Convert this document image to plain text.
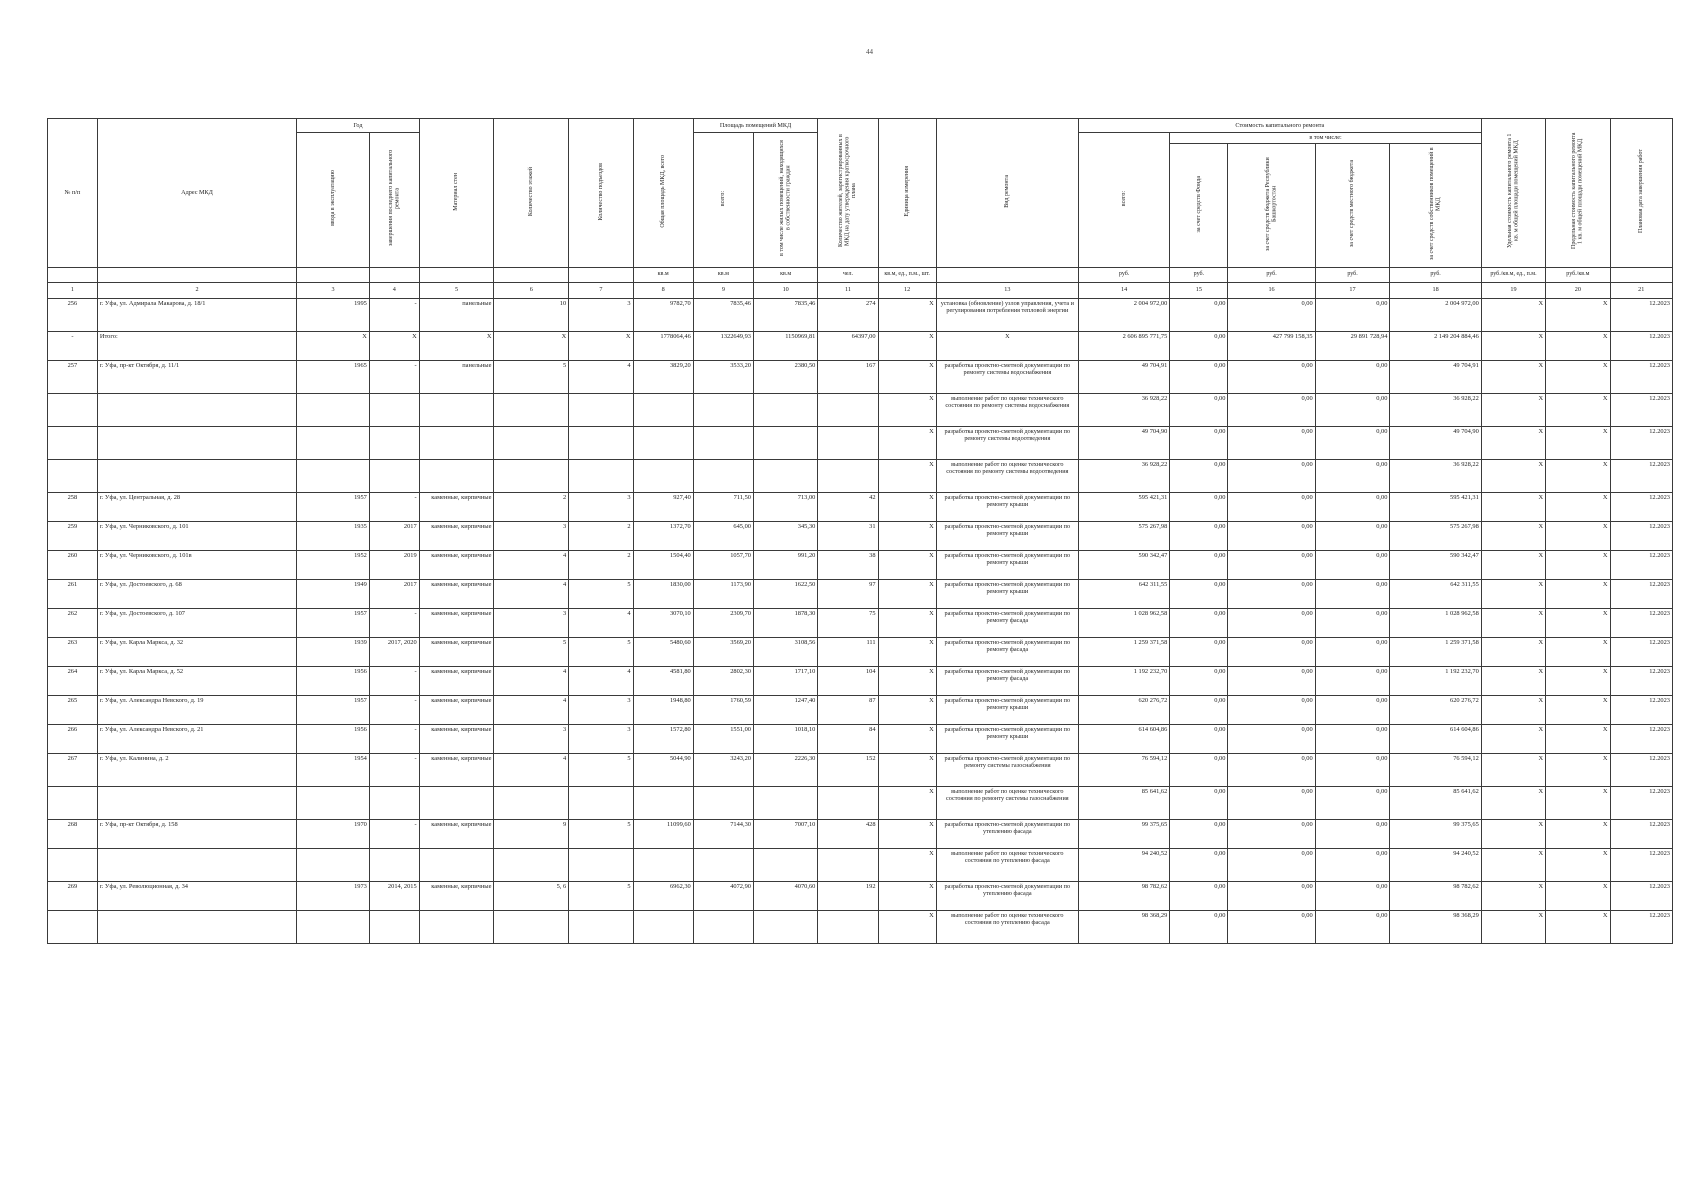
44
№ п/п	Адрес МКД	Год		Материал стен	Количество этажей	Количество подъездов	Общая площадь МКД, всего	Площадь помещений МКД		Количество жителей, зарегистрированных в МКД на дату утверждения краткосрочного плана	Единица измерения	Вид ремонта	Стоимость капитального ремонта					Удельная стоимость капитального ремонта 1 кв. м общей площади помещений МКД	Предельная стоимость капитального ремонта 1 кв. м общей площади помещений МКД	Плановая дата завершения работ
		ввода в эксплуатацию	завершения последнего капитального ремонта					всего:	в том числе жилых помещений, находящихся в собственности граждан				всего:	в том числе:						
														за счет средств Фонда	за счет средств бюджета Республики Башкортостан	за счет средств местного бюджета	за счет средств собственников помещений в МКД			
							кв.м	кв.м	кв.м	чел.	кв.м, ед., п.м., шт.		руб.	руб.	руб.	руб.	руб.	руб./кв.м, ед., п.м.	руб./кв.м	
1	2	3	4	5	6	7	8	9	10	11	12	13	14	15	16	17	18	19	20	21
256	г. Уфа, ул. Адмирала Макарова, д. 18/1	1995	-	панельные	10	3	9782,70	7835,46	7835,46	274	X	установка (обновление) узлов управления, учета и регулирования потребления тепловой энергии	2 004 972,00	0,00	0,00	0,00	2 004 972,00	X	X	12.2023
-	Итого:	X	X	X	X	X	1778064,46	1322649,93	1150969,81	64397,00	X	X	2 606 895 771,75	0,00	427 799 158,35	29 891 728,94	2 149 204 884,46	X	X	12.2023
257	г. Уфа, пр-кт Октября, д. 11/1	1965	-	панельные	5	4	3829,20	3533,20	2380,50	167	X	разработка проектно-сметной документации по ремонту системы водоснабжения	49 704,91	0,00	0,00	0,00	49 704,91	X	X	12.2023
											X	выполнение работ по оценке технического состояния по ремонту системы водоснабжения	36 928,22	0,00	0,00	0,00	36 928,22	X	X	12.2023
											X	разработка проектно-сметной документации по ремонту системы водоотведения	49 704,90	0,00	0,00	0,00	49 704,90	X	X	12.2023
											X	выполнение работ по оценке технического состояния по ремонту системы водоотведения	36 928,22	0,00	0,00	0,00	36 928,22	X	X	12.2023
258	г. Уфа, ул. Центральная, д. 28	1957	-	каменные, кирпичные	2	3	927,40	711,50	713,00	42	X	разработка проектно-сметной документации по ремонту крыши	595 421,31	0,00	0,00	0,00	595 421,31	X	X	12.2023
259	г. Уфа, ул. Черниковского, д. 101	1935	2017	каменные, кирпичные	3	2	1372,70	645,00	345,30	31	X	разработка проектно-сметной документации по ремонту крыши	575 267,98	0,00	0,00	0,00	575 267,98	X	X	12.2023
260	г. Уфа, ул. Черниковского, д. 101в	1952	2019	каменные, кирпичные	4	2	1504,40	1057,70	991,20	38	X	разработка проектно-сметной документации по ремонту крыши	590 342,47	0,00	0,00	0,00	590 342,47	X	X	12.2023
261	г. Уфа, ул. Достоевского, д. 68	1949	2017	каменные, кирпичные	4	5	1830,00	1173,90	1622,50	97	X	разработка проектно-сметной документации по ремонту крыши	642 311,55	0,00	0,00	0,00	642 311,55	X	X	12.2023
262	г. Уфа, ул. Достоевского, д. 107	1957	-	каменные, кирпичные	3	4	3070,10	2309,70	1878,30	75	X	разработка проектно-сметной документации по ремонту фасада	1 028 962,58	0,00	0,00	0,00	1 028 962,58	X	X	12.2023
263	г. Уфа, ул. Карла Маркса, д. 32	1939	2017, 2020	каменные, кирпичные	5	5	5480,60	3569,20	3108,56	111	X	разработка проектно-сметной документации по ремонту фасада	1 259 371,58	0,00	0,00	0,00	1 259 371,58	X	X	12.2023
264	г. Уфа, ул. Карла Маркса, д. 52	1956	-	каменные, кирпичные	4	4	4581,80	2802,30	1717,10	104	X	разработка проектно-сметной документации по ремонту фасада	1 192 232,70	0,00	0,00	0,00	1 192 232,70	X	X	12.2023
265	г. Уфа, ул. Александра Невского, д. 19	1957	-	каменные, кирпичные	4	3	1948,80	1760,59	1247,40	87	X	разработка проектно-сметной документации по ремонту крыши	620 276,72	0,00	0,00	0,00	620 276,72	X	X	12.2023
266	г. Уфа, ул. Александра Невского, д. 21	1956	-	каменные, кирпичные	3	3	1572,80	1551,00	1018,10	84	X	разработка проектно-сметной документации по ремонту крыши	614 604,86	0,00	0,00	0,00	614 604,86	X	X	12.2023
267	г. Уфа, ул. Калинина, д. 2	1954	-	каменные, кирпичные	4	5	5044,90	3243,20	2226,30	152	X	разработка проектно-сметной документации по ремонту системы газоснабжения	76 594,12	0,00	0,00	0,00	76 594,12	X	X	12.2023
											X	выполнение работ по оценке технического состояния по ремонту системы газоснабжения	85 641,62	0,00	0,00	0,00	85 641,62	X	X	12.2023
268	г. Уфа, пр-кт Октября, д. 158	1970	-	каменные, кирпичные	9	5	11099,60	7144,30	7007,10	428	X	разработка проектно-сметной документации по утеплению фасада	99 375,65	0,00	0,00	0,00	99 375,65	X	X	12.2023
											X	выполнение работ по оценке технического состояния по утеплению фасада	94 240,52	0,00	0,00	0,00	94 240,52	X	X	12.2023
269	г. Уфа, ул. Революционная, д. 34	1973	2014, 2015	каменные, кирпичные	5, 6	5	6962,30	4072,90	4070,60	192	X	разработка проектно-сметной документации по утеплению фасада	98 782,62	0,00	0,00	0,00	98 782,62	X	X	12.2023
											X	выполнение работ по оценке технического состояния по утеплению фасада	98 368,29	0,00	0,00	0,00	98 368,29	X	X	12.2023
